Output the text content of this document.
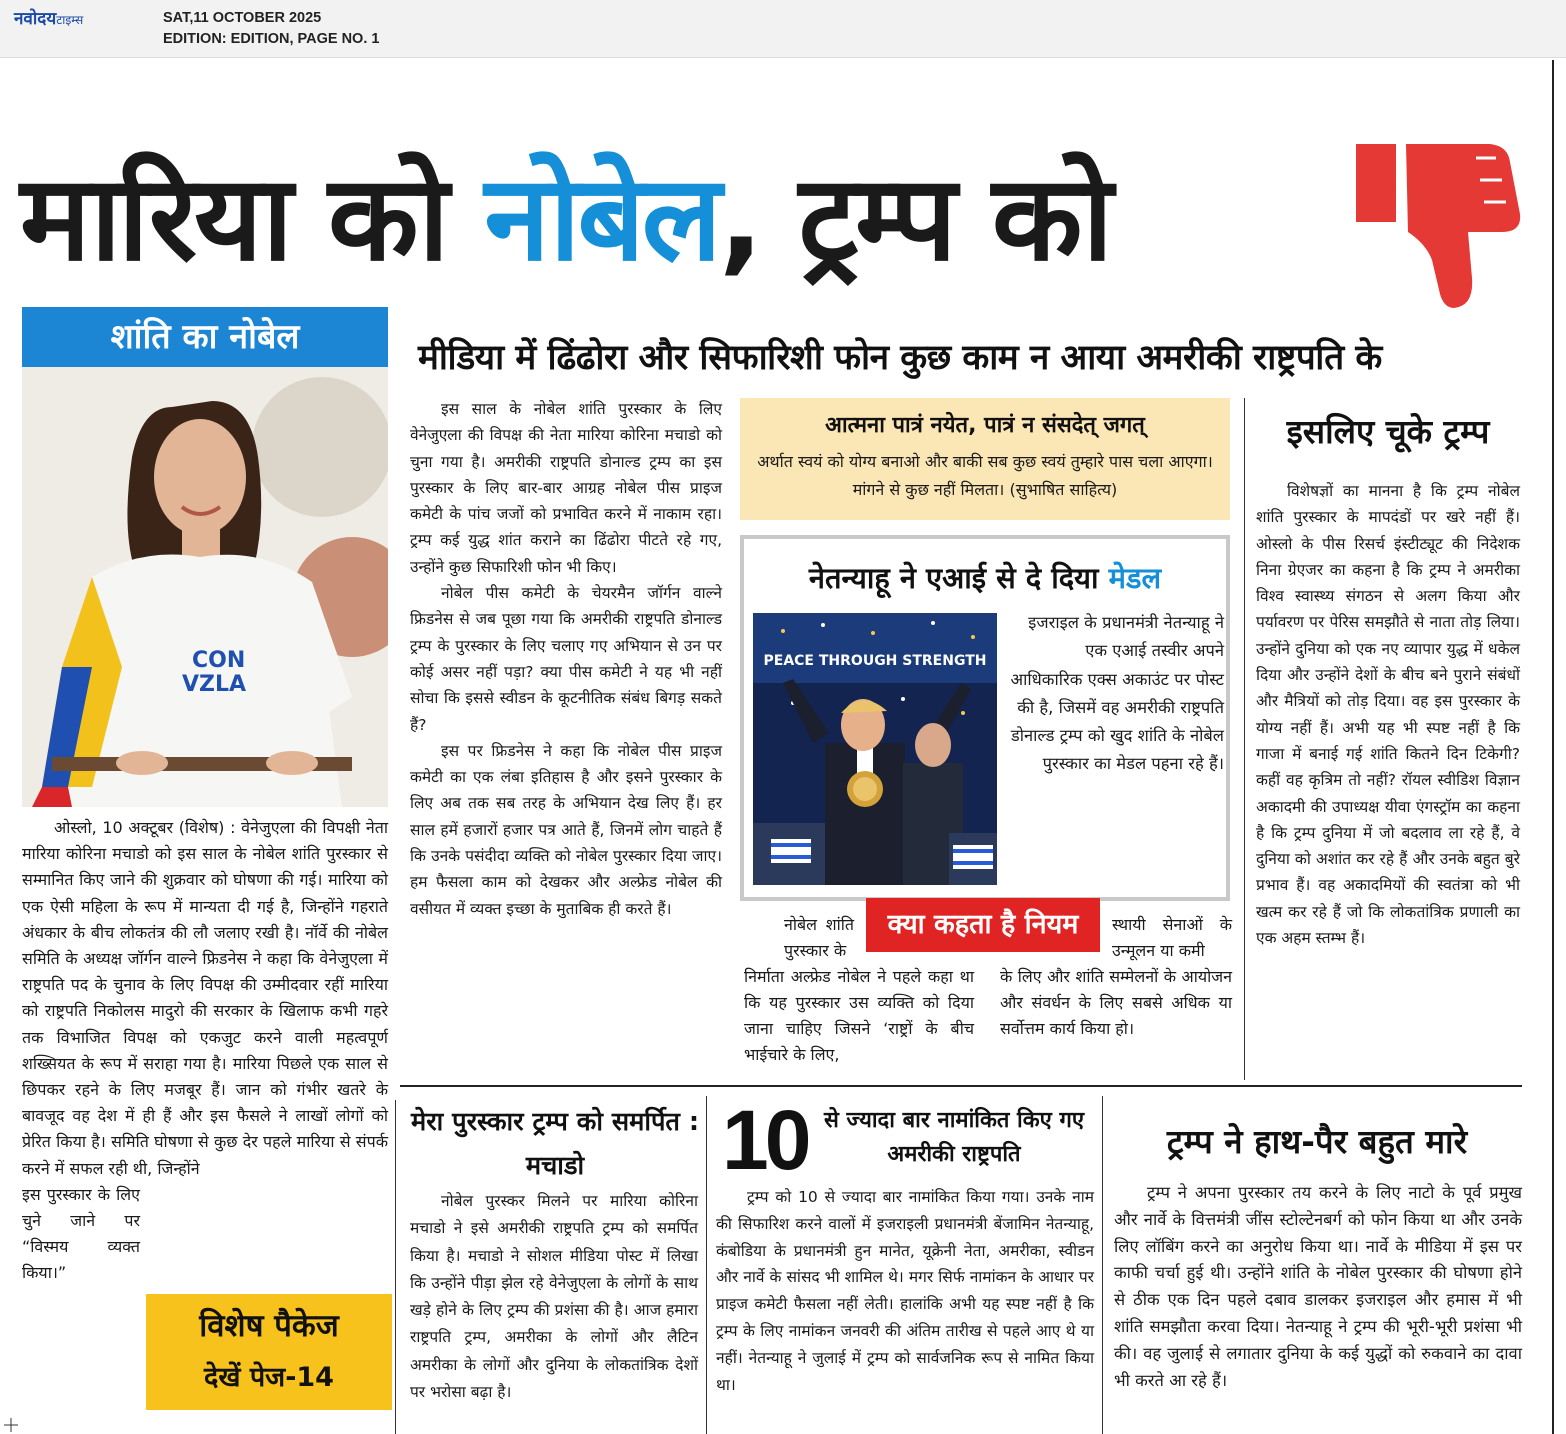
नवोदयटाइम्स	SAT,11 OCTOBER 2025
EDITION: EDITION, PAGE NO. 1
मारिया को नोबेल, ट्रम्प को
शांति का नोबेल
CON
VZLA
मीडिया में ढिंढोरा और सिफारिशी फोन कुछ काम न आया अमरीकी राष्ट्रपति के

ओस्लो, 10 अक्टूबर (विशेष) : वेनेजुएला की विपक्षी नेता मारिया कोरिना मचाडो को इस साल के नोबेल शांति पुरस्कार से सम्मानित किए जाने की शुक्रवार को घोषणा की गई। मारिया को एक ऐसी महिला के रूप में मान्यता दी गई है, जिन्होंने गहराते अंधकार के बीच लोकतंत्र की लौ जलाए रखी है। नॉर्वे की नोबेल समिति के अध्यक्ष जॉर्गन वाल्ने फ्रिडनेस ने कहा कि वेनेजुएला में राष्ट्रपति पद के चुनाव के लिए विपक्ष की उम्मीदवार रहीं मारिया को राष्ट्रपति निकोलस मादुरो की सरकार के खिलाफ कभी गहरे तक विभाजित विपक्ष को एकजुट करने वाली महत्वपूर्ण शख्सियत के रूप में सराहा गया है। मारिया पिछले एक साल से छिपकर रहने के लिए मजबूर हैं। जान को गंभीर खतरे के बावजूद वह देश में ही हैं और इस फैसले ने लाखों लोगों को प्रेरित किया है। समिति घोषणा से कुछ देर पहले मारिया से संपर्क करने में सफल रही थी, जिन्होंने

इस पुरस्कार के लिए चुने जाने पर “विस्मय व्यक्त किया।”

विशेष पैकेज
देखें पेज-14

इस साल के नोबेल शांति पुरस्कार के लिए वेनेजुएला की विपक्ष की नेता मारिया कोरिना मचाडो को चुना गया है। अमरीकी राष्ट्रपति डोनाल्ड ट्रम्प का इस पुरस्कार के लिए बार-बार आग्रह नोबेल पीस प्राइज कमेटी के पांच जजों को प्रभावित करने में नाकाम रहा। ट्रम्प कई युद्ध शांत कराने का ढिंढोरा पीटते रहे गए, उन्होंने कुछ सिफारिशी फोन भी किए।

नोबेल पीस कमेटी के चेयरमैन जॉर्गन वाल्ने फ्रिडनेस से जब पूछा गया कि अमरीकी राष्ट्रपति डोनाल्ड ट्रम्प के पुरस्कार के लिए चलाए गए अभियान से उन पर कोई असर नहीं पड़ा? क्या पीस कमेटी ने यह भी नहीं सोचा कि इससे स्वीडन के कूटनीतिक संबंध बिगड़ सकते हैं?

इस पर फ्रिडनेस ने कहा कि नोबेल पीस प्राइज कमेटी का एक लंबा इतिहास है और इसने पुरस्कार के लिए अब तक सब तरह के अभियान देख लिए हैं। हर साल हमें हजारों हजार पत्र आते हैं, जिनमें लोग चाहते हैं कि उनके पसंदीदा व्यक्ति को नोबेल पुरस्कार दिया जाए। हम फैसला काम को देखकर और अल्फ्रेड नोबेल की वसीयत में व्यक्त इच्छा के मुताबिक ही करते हैं।

आत्मना पात्रं नयेत, पात्रं न संसदेत् जगत्
अर्थात स्वयं को योग्य बनाओ और बाकी सब कुछ स्वयं तुम्हारे पास चला आएगा। मांगने से कुछ नहीं मिलता। (सुभाषित साहित्य)
नेतन्याहू ने एआई से दे दिया मेडल
PEACE THROUGH STRENGTH
इजराइल के प्रधानमंत्री नेतन्याहू ने एक एआई तस्वीर अपने आधिकारिक एक्स अकाउंट पर पोस्ट की है, जिसमें वह अमरीकी राष्ट्रपति डोनाल्ड ट्रम्प को खुद शांति के नोबेल पुरस्कार का मेडल पहना रहे हैं।

नोबेल शांति पुरस्कार के

निर्माता अल्फ्रेड नोबेल ने पहले कहा था कि यह पुरस्कार उस व्यक्ति को दिया जाना चाहिए जिसने ‘राष्ट्रों के बीच भाईचारे के लिए,

क्या कहता है नियम	स्थायी सेनाओं के उन्मूलन या कमी

के लिए और शांति सम्मेलनों के आयोजन और संवर्धन के लिए सबसे अधिक या सर्वोत्तम कार्य किया हो।

इसलिए चूके ट्रम्प

विशेषज्ञों का मानना है कि ट्रम्प नोबेल शांति पुरस्कार के मापदंडों पर खरे नहीं हैं। ओस्लो के पीस रिसर्च इंस्टीट्यूट की निदेशक निना ग्रेएजर का कहना है कि ट्रम्प ने अमरीका विश्व स्वास्थ्य संगठन से अलग किया और पर्यावरण पर पेरिस समझौते से नाता तोड़ लिया। उन्होंने दुनिया को एक नए व्यापार युद्ध में धकेल दिया और उन्होंने देशों के बीच बने पुराने संबंधों और मैत्रियों को तोड़ दिया। वह इस पुरस्कार के योग्य नहीं हैं। अभी यह भी स्पष्ट नहीं है कि गाजा में बनाई गई शांति कितने दिन टिकेगी? कहीं वह कृत्रिम तो नहीं? रॉयल स्वीडिश विज्ञान अकादमी की उपाध्यक्ष यीवा एंगस्ट्रॉम का कहना है कि ट्रम्प दुनिया में जो बदलाव ला रहे हैं, वे दुनिया को अशांत कर रहे हैं और उनके बहुत बुरे प्रभाव हैं। वह अकादमियों की स्वतंत्रा को भी खत्म कर रहे हैं जो कि लोकतांत्रिक प्रणाली का एक अहम स्तम्भ हैं।

मेरा पुरस्कार ट्रम्प को समर्पित : मचाडो

नोबेल पुरस्कर मिलने पर मारिया कोरिना मचाडो ने इसे अमरीकी राष्ट्रपति ट्रम्प को समर्पित किया है। मचाडो ने सोशल मीडिया पोस्ट में लिखा कि उन्होंने पीड़ा झेल रहे वेनेजुएला के लोगों के साथ खड़े होने के लिए ट्रम्प की प्रशंसा की है। आज हमारा राष्ट्रपति ट्रम्प, अमरीका के लोगों और लैटिन अमरीका के लोगों और दुनिया के लोकतांत्रिक देशों पर भरोसा बढ़ा है।

10 से ज्यादा बार नामांकित किए गए अमरीकी राष्ट्रपति

ट्रम्प को 10 से ज्यादा बार नामांकित किया गया। उनके नाम की सिफारिश करने वालों में इजराइली प्रधानमंत्री बेंजामिन नेतन्याहू, कंबोडिया के प्रधानमंत्री हुन मानेत, यूक्रेनी नेता, अमरीका, स्वीडन और नार्वे के सांसद भी शामिल थे। मगर सिर्फ नामांकन के आधार पर प्राइज कमेटी फैसला नहीं लेती। हालांकि अभी यह स्पष्ट नहीं है कि ट्रम्प के लिए नामांकन जनवरी की अंतिम तारीख से पहले आए थे या नहीं। नेतन्याहू ने जुलाई में ट्रम्प को सार्वजनिक रूप से नामित किया था।

ट्रम्प ने हाथ-पैर बहुत मारे

ट्रम्प ने अपना पुरस्कार तय करने के लिए नाटो के पूर्व प्रमुख और नार्वे के वित्तमंत्री जींस स्टोल्टेनबर्ग को फोन किया था और उनके लिए लॉबिंग करने का अनुरोध किया था। नार्वे के मीडिया में इस पर काफी चर्चा हुई थी। उन्होंने शांति के नोबेल पुरस्कार की घोषणा होने से ठीक एक दिन पहले दबाव डालकर इजराइल और हमास में भी शांति समझौता करवा दिया। नेतन्याहू ने ट्रम्प की भूरी-भूरी प्रशंसा भी की। वह जुलाई से लगातार दुनिया के कई युद्धों को रुकवाने का दावा भी करते आ रहे हैं।
